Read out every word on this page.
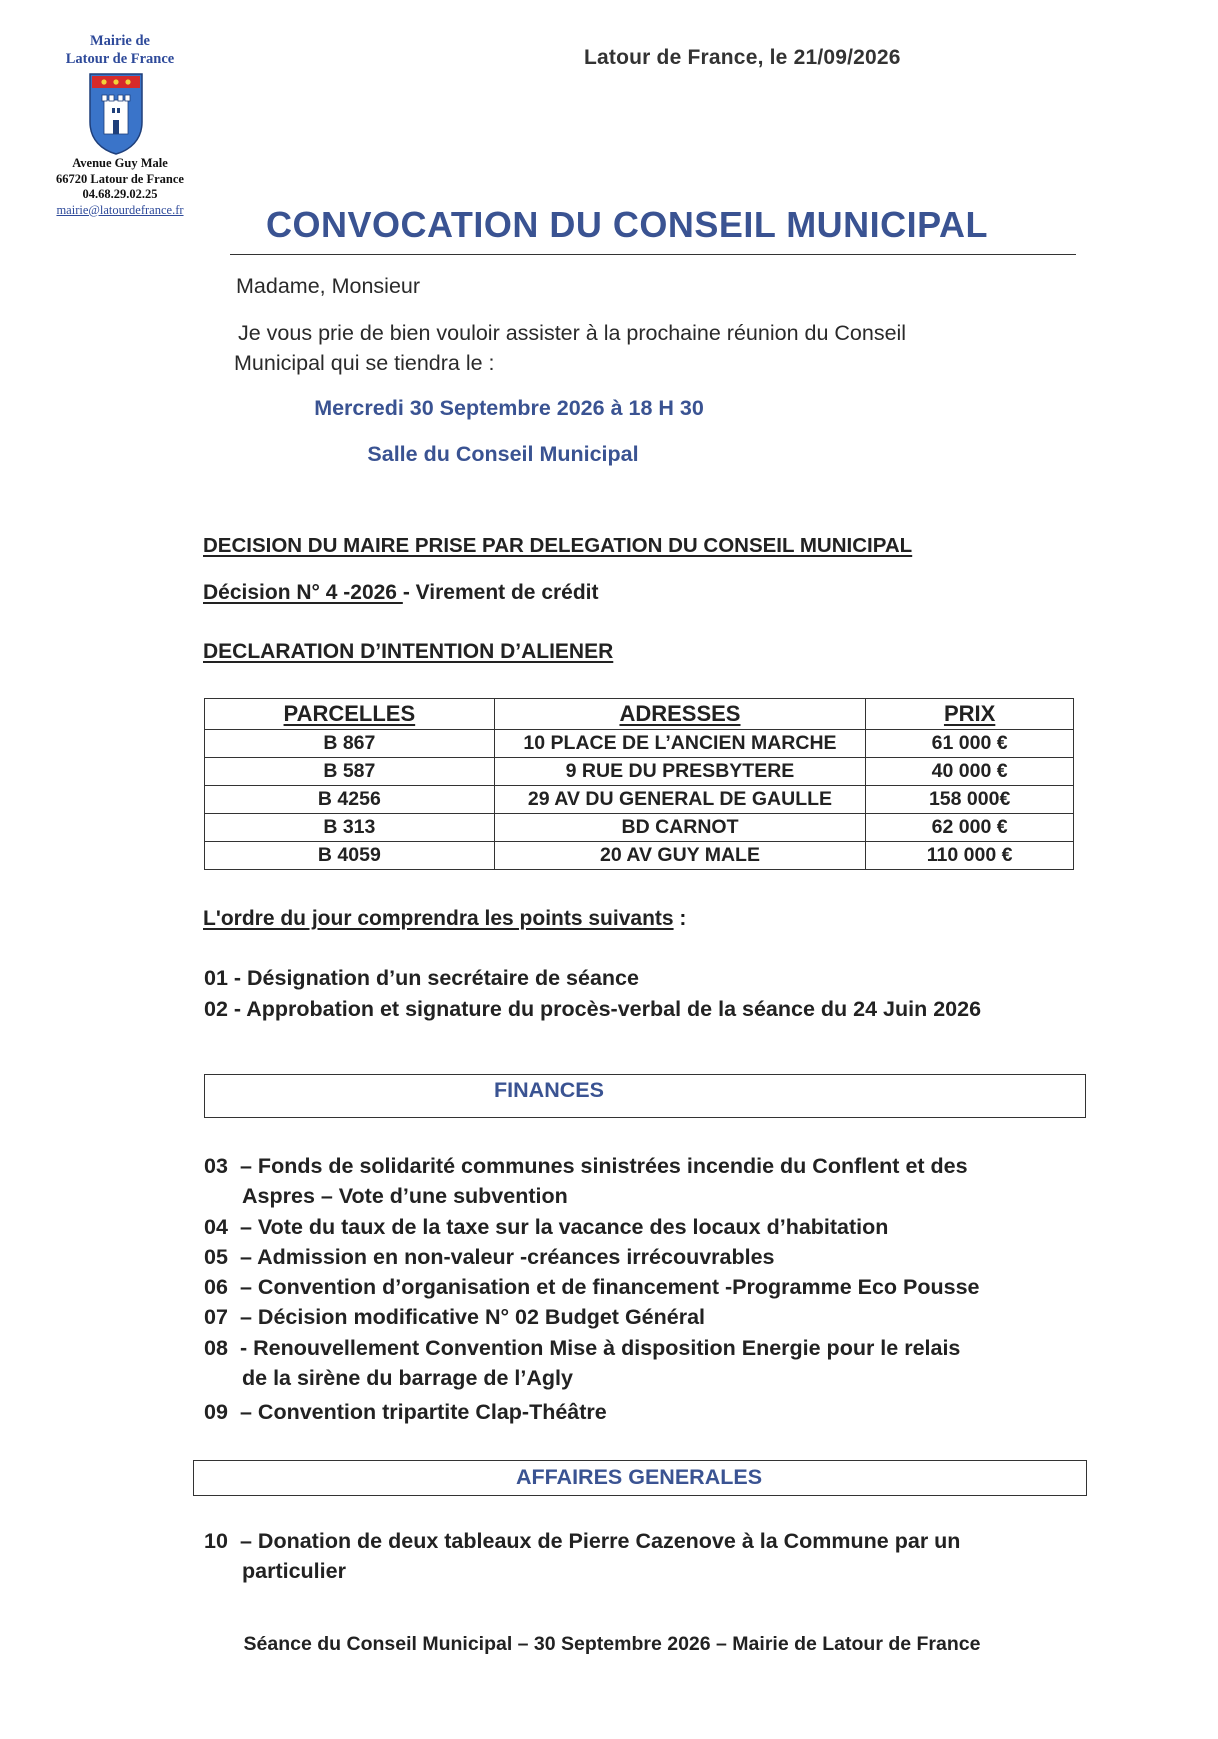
Mairie de
Latour de France
Avenue Guy Male
66720 Latour de France
04.68.29.02.25
mairie@latourdefrance.fr
Latour de France, le 21/09/2026
CONVOCATION DU CONSEIL MUNICIPAL
Madame, Monsieur
Je vous prie de bien vouloir assister à la prochaine réunion du Conseil
Municipal qui se tiendra le :
Mercredi 30 Septembre 2026 à 18 H 30
Salle du Conseil Municipal
DECISION DU MAIRE PRISE PAR DELEGATION DU CONSEIL MUNICIPAL
Décision N° 4 -2026 - Virement de crédit
DECLARATION D’INTENTION D’ALIENER
PARCELLES	ADRESSES	PRIX
B 867	10 PLACE DE L’ANCIEN MARCHE	61 000 €
B 587	9 RUE DU PRESBYTERE	40 000 €
B 4256	29 AV DU GENERAL DE GAULLE	158 000€
B 313	BD CARNOT	62 000 €
B 4059	20 AV GUY MALE	110 000 €
L'ordre du jour comprendra les points suivants :
01 - Désignation d’un secrétaire de séance
02 - Approbation et signature du procès-verbal de la séance du 24 Juin 2026
FINANCES
03 – Fonds de solidarité communes sinistrées incendie du Conflent et des
Aspres – Vote d’une subvention
04 – Vote du taux de la taxe sur la vacance des locaux d’habitation
05 – Admission en non-valeur -créances irrécouvrables
06 – Convention d’organisation et de financement -Programme Eco Pousse
07 – Décision modificative N° 02 Budget Général
08 - Renouvellement Convention Mise à disposition Energie pour le relais
de la sirène du barrage de l’Agly
09 – Convention tripartite Clap-Théâtre
AFFAIRES GENERALES
10 – Donation de deux tableaux de Pierre Cazenove à la Commune par un
particulier
Séance du Conseil Municipal – 30 Septembre 2026 – Mairie de Latour de France
